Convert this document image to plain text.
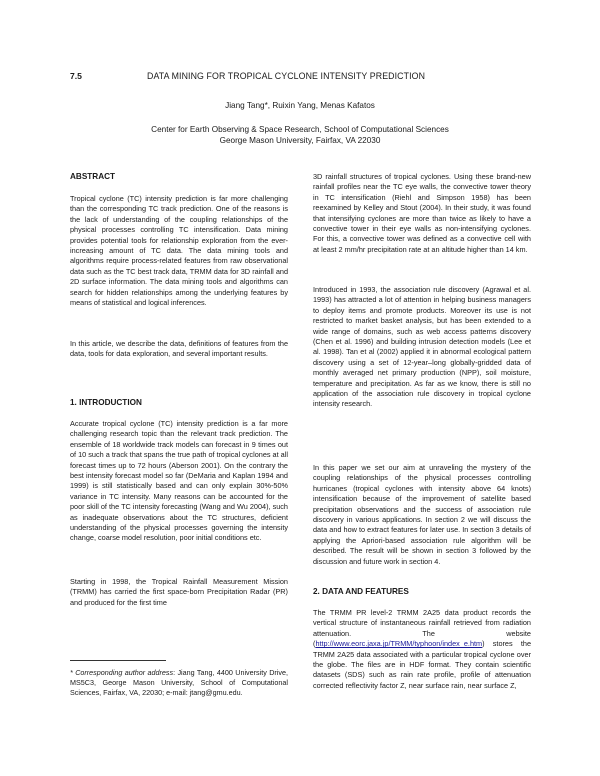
7.5	DATA MINING FOR TROPICAL CYCLONE INTENSITY PREDICTION
Jiang Tang*, Ruixin Yang, Menas Kafatos
Center for Earth Observing & Space Research, School of Computational Sciences
George Mason University, Fairfax, VA 22030
ABSTRACT

Tropical cyclone (TC) intensity prediction is far more challenging than the corresponding TC track prediction. One of the reasons is the lack of understanding of the coupling relationships of the physical processes controlling TC intensification. Data mining provides potential tools for relationship exploration from the ever-increasing amount of TC data. The data mining tools and algorithms require process-related features from raw observational data such as the TC best track data, TRMM data for 3D rainfall and 2D surface information. The data mining tools and algorithms can search for hidden relationships among the underlying features by means of statistical and logical inferences.

In this article, we describe the data, definitions of features from the data, tools for data exploration, and several important results.

1. INTRODUCTION

Accurate tropical cyclone (TC) intensity prediction is a far more challenging research topic than the relevant track prediction. The ensemble of 18 worldwide track models can forecast in 9 times out of 10 such a track that spans the true path of tropical cyclones at all forecast times up to 72 hours (Aberson 2001). On the contrary the best intensity forecast model so far (DeMaria and Kaplan 1994 and 1999) is still statistically based and can only explain 30%-50% variance in TC intensity. Many reasons can be accounted for the poor skill of the TC intensity forecasting (Wang and Wu 2004), such as inadequate observations about the TC structures, deficient understanding of the physical processes governing the intensity change, coarse model resolution, poor initial conditions etc.

Starting in 1998, the Tropical Rainfall Measurement Mission (TRMM) has carried the first space-born Precipitation Radar (PR) and produced for the first time

* Corresponding author address: Jiang Tang, 4400 University Drive, MS5C3, George Mason University, School of Computational Sciences, Fairfax, VA, 22030; e-mail: jtang@gmu.edu.

3D rainfall structures of tropical cyclones. Using these brand-new rainfall profiles near the TC eye walls, the convective tower theory in TC intensification (Riehl and Simpson 1958) has been reexamined by Kelley and Stout (2004). In their study, it was found that intensifying cyclones are more than twice as likely to have a convective tower in their eye walls as non-intensifying cyclones. For this, a convective tower was defined as a convective cell with at least 2 mm/hr precipitation rate at an altitude higher than 14 km.

Introduced in 1993, the association rule discovery (Agrawal et al. 1993) has attracted a lot of attention in helping business managers to deploy items and promote products. Moreover its use is not restricted to market basket analysis, but has been extended to a wide range of domains, such as web access patterns discovery (Chen et al. 1996) and building intrusion detection models (Lee et al. 1998). Tan et al (2002) applied it in abnormal ecological pattern discovery using a set of 12-year–long globally-gridded data of monthly averaged net primary production (NPP), soil moisture, temperature and precipitation. As far as we know, there is still no application of the association rule discovery in tropical cyclone intensity research.

In this paper we set our aim at unraveling the mystery of the coupling relationships of the physical processes controlling hurricanes (tropical cyclones with intensity above 64 knots) intensification because of the improvement of satellite based precipitation observations and the success of association rule discovery in various applications. In section 2 we will discuss the data and how to extract features for later use. In section 3 details of applying the Apriori-based association rule algorithm will be described. The result will be shown in section 3 followed by the discussion and future work in section 4.

2. DATA AND FEATURES

The TRMM PR level-2 TRMM 2A25 data product records the vertical structure of instantaneous rainfall retrieved from radiation attenuation. The website (http://www.eorc.jaxa.jp/TRMM/typhoon/index_e.htm) stores the TRMM 2A25 data associated with a particular tropical cyclone over the globe. The files are in HDF format. They contain scientific datasets (SDS) such as rain rate profile, profile of attenuation corrected reflectivity factor Z, near surface rain, near surface Z,
